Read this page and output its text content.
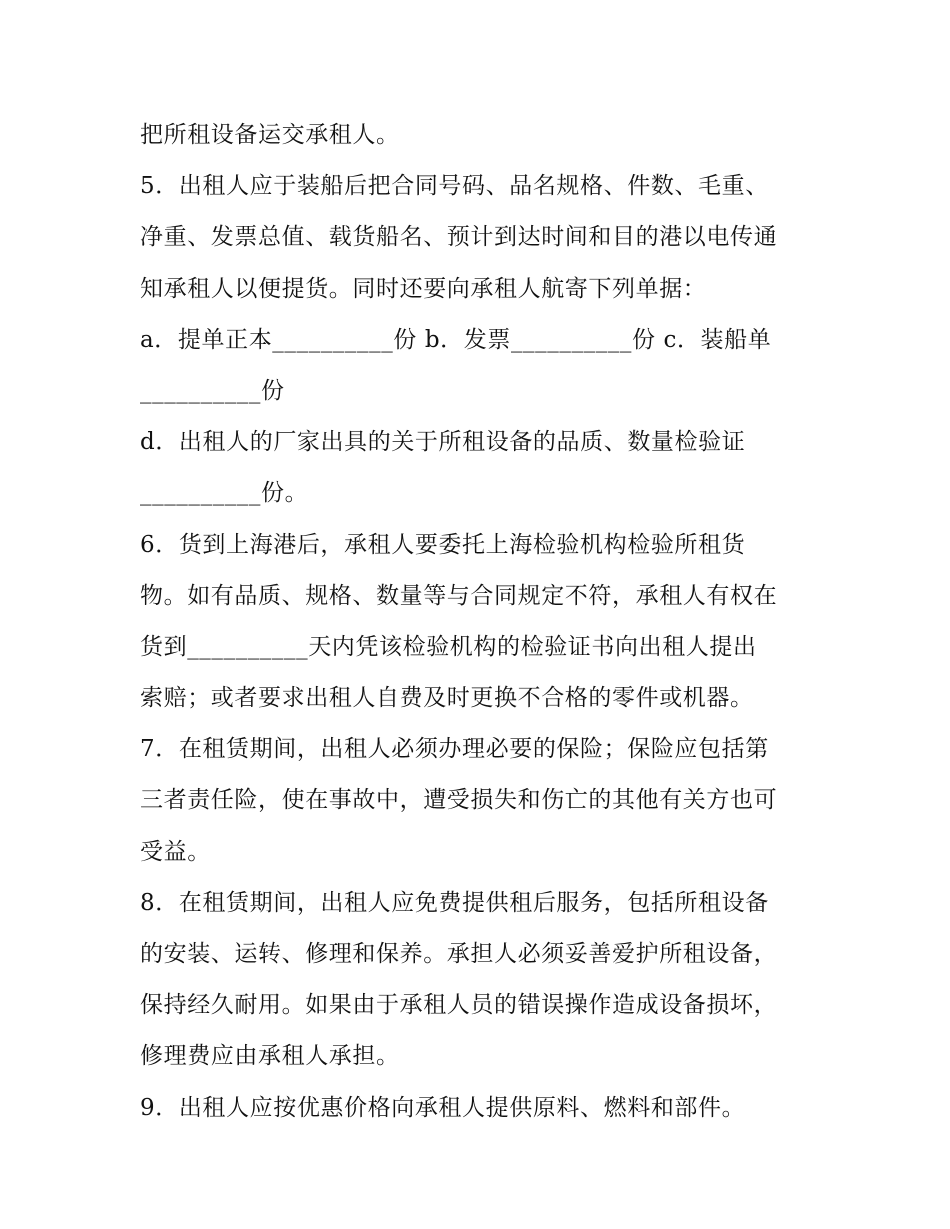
把所租设备运交承租人。
5．出租人应于装船后把合同号码、品名规格、件数、毛重、
净重、发票总值、载货船名、预计到达时间和目的港以电传通
知承租人以便提货。同时还要向承租人航寄下列单据：
a．提单正本__________份 b．发票__________份 c．装船单
__________份
d．出租人的厂家出具的关于所租设备的品质、数量检验证
__________份。
6．货到上海港后，承租人要委托上海检验机构检验所租货
物。如有品质、规格、数量等与合同规定不符，承租人有权在
货到__________天内凭该检验机构的检验证书向出租人提出
索赔；或者要求出租人自费及时更换不合格的零件或机器。
7．在租赁期间，出租人必须办理必要的保险；保险应包括第
三者责任险，使在事故中，遭受损失和伤亡的其他有关方也可
受益。
8．在租赁期间，出租人应免费提供租后服务，包括所租设备
的安装、运转、修理和保养。承担人必须妥善爱护所租设备，
保持经久耐用。如果由于承租人员的错误操作造成设备损坏，
修理费应由承租人承担。
9．出租人应按优惠价格向承租人提供原料、燃料和部件。
